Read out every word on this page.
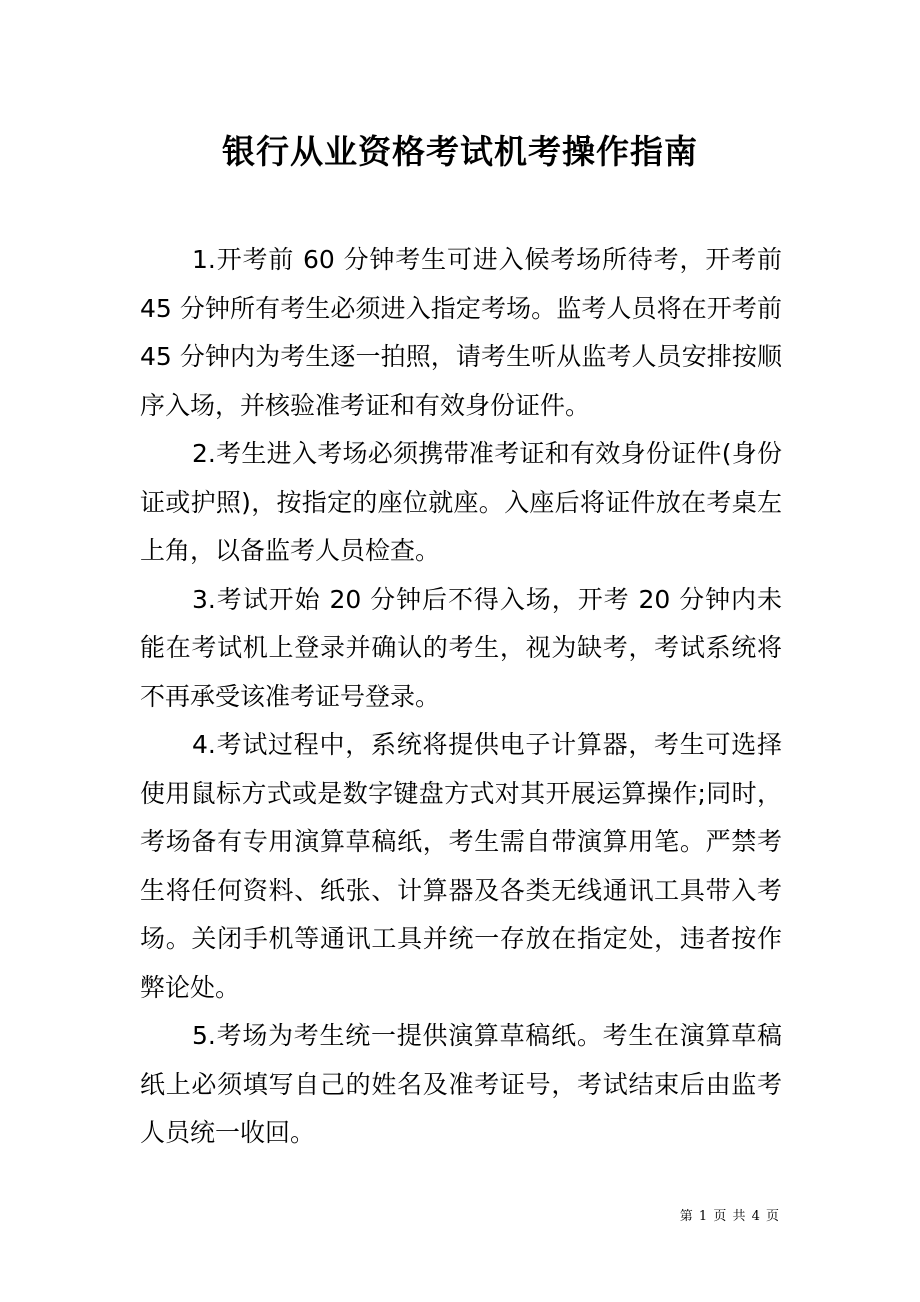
银行从业资格考试机考操作指南

1.开考前 60 分钟考生可进入候考场所待考，开考前 45 分钟所有考生必须进入指定考场。监考人员将在开考前 45 分钟内为考生逐一拍照，请考生听从监考人员安排按顺序入场，并核验准考证和有效身份证件。

2.考生进入考场必须携带准考证和有效身份证件(身份证或护照)，按指定的座位就座。入座后将证件放在考桌左上角，以备监考人员检查。

3.考试开始 20 分钟后不得入场，开考 20 分钟内未能在考试机上登录并确认的考生，视为缺考，考试系统将不再承受该准考证号登录。

4.考试过程中，系统将提供电子计算器，考生可选择使用鼠标方式或是数字键盘方式对其开展运算操作;同时，考场备有专用演算草稿纸，考生需自带演算用笔。严禁考生将任何资料、纸张、计算器及各类无线通讯工具带入考场。关闭手机等通讯工具并统一存放在指定处，违者按作弊论处。

5.考场为考生统一提供演算草稿纸。考生在演算草稿纸上必须填写自己的姓名及准考证号，考试结束后由监考人员统一收回。

第 1 页 共 4 页
